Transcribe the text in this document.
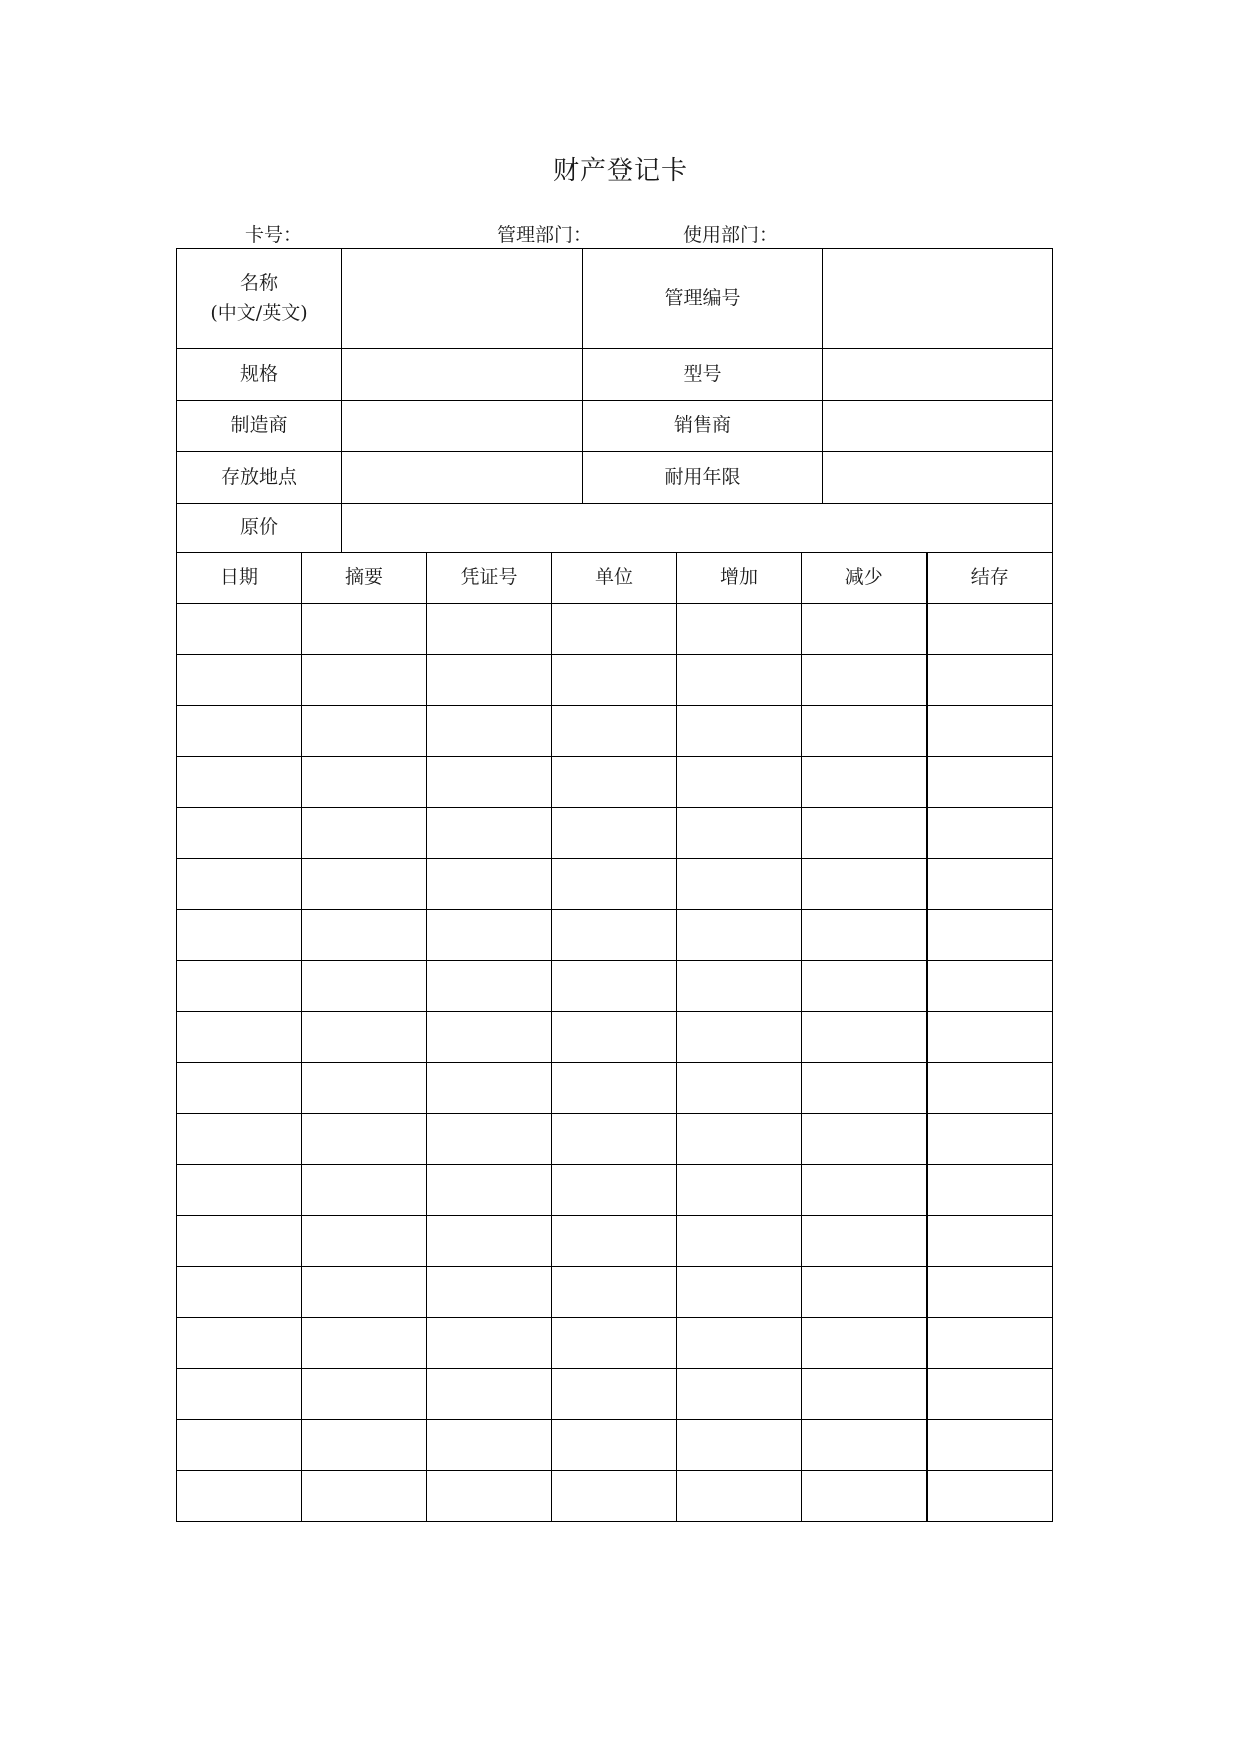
财产登记卡
卡号：	管理部门：	使用部门：
名称
(中文/英文)		管理编号	
规格		型号	
制造商		销售商	
存放地点		耐用年限	
原价			
日期	摘要	凭证号	单位	增加	减少	结存
